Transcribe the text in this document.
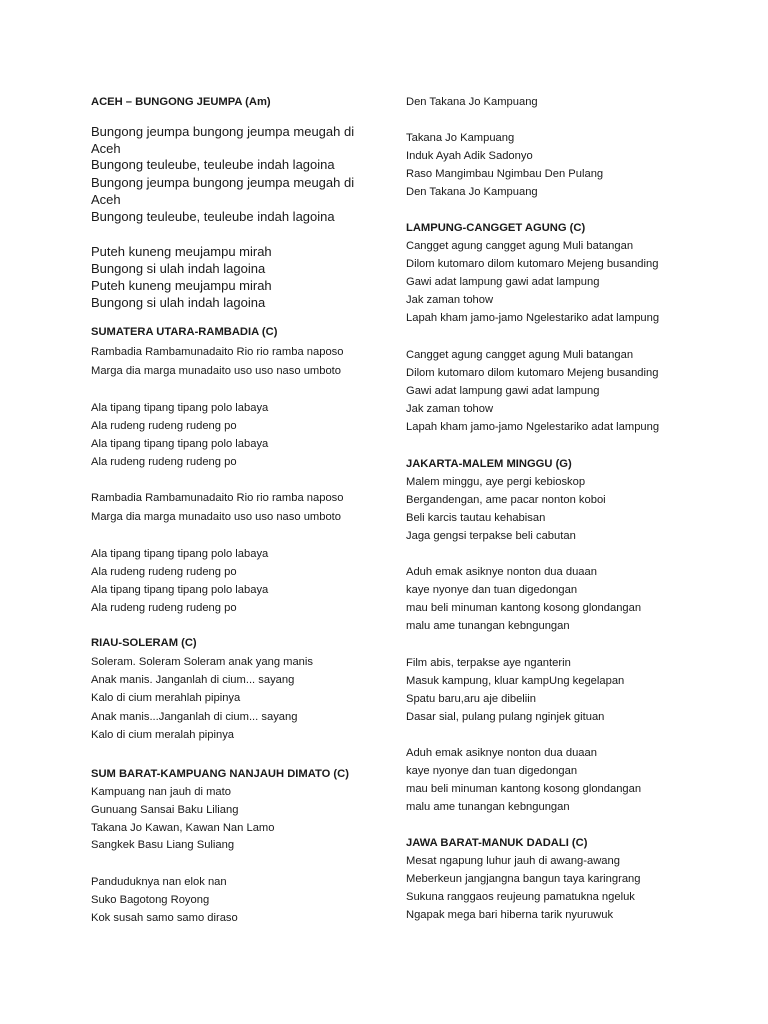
ACEH – BUNGONG JEUMPA (Am)
Bungong jeumpa bungong jeumpa meugah di
Aceh
Bungong teuleube, teuleube indah lagoina
Bungong jeumpa bungong jeumpa meugah di
Aceh
Bungong teuleube, teuleube indah lagoina
Puteh kuneng meujampu mirah
Bungong si ulah indah lagoina
Puteh kuneng meujampu mirah
Bungong si ulah indah lagoina
SUMATERA UTARA-RAMBADIA (C)
Rambadia Rambamunadaito Rio rio ramba naposo
Marga dia marga munadaito uso uso naso umboto
Ala tipang tipang tipang polo labaya
Ala rudeng rudeng rudeng po
Ala tipang tipang tipang polo labaya
Ala rudeng rudeng rudeng po
Rambadia Rambamunadaito Rio rio ramba naposo
Marga dia marga munadaito uso uso naso umboto
Ala tipang tipang tipang polo labaya
Ala rudeng rudeng rudeng po
Ala tipang tipang tipang polo labaya
Ala rudeng rudeng rudeng po
RIAU-SOLERAM (C)
Soleram. Soleram Soleram anak yang manis
Anak manis. Janganlah di cium... sayang
Kalo di cium merahlah pipinya
Anak manis...Janganlah di cium... sayang
Kalo di cium meralah pipinya
SUM BARAT-KAMPUANG NANJAUH DIMATO (C)
Kampuang nan jauh di mato
Gunuang Sansai Baku Liliang
Takana Jo Kawan, Kawan Nan Lamo
Sangkek Basu Liang Suliang
Panduduknya nan elok nan
Suko Bagotong Royong
Kok susah samo samo diraso
Den Takana Jo Kampuang
Takana Jo Kampuang
Induk Ayah Adik Sadonyo
Raso Mangimbau Ngimbau Den Pulang
Den Takana Jo Kampuang
LAMPUNG-CANGGET AGUNG (C)
Cangget agung cangget agung Muli batangan
Dilom kutomaro dilom kutomaro Mejeng busanding
Gawi adat lampung gawi adat lampung
Jak zaman tohow
Lapah kham jamo-jamo Ngelestariko adat lampung
Cangget agung cangget agung Muli batangan
Dilom kutomaro dilom kutomaro Mejeng busanding
Gawi adat lampung gawi adat lampung
Jak zaman tohow
Lapah kham jamo-jamo Ngelestariko adat lampung
JAKARTA-MALEM MINGGU (G)
Malem minggu, aye pergi kebioskop
Bergandengan, ame pacar nonton koboi
Beli karcis tautau kehabisan
Jaga gengsi terpakse beli cabutan
Aduh emak asiknye nonton dua duaan
kaye nyonye dan tuan digedongan
mau beli minuman kantong kosong glondangan
malu ame tunangan kebngungan
Film abis, terpakse aye nganterin
Masuk kampung, kluar kampUng kegelapan
Spatu baru,aru aje dibeliin
Dasar sial, pulang pulang nginjek gituan
Aduh emak asiknye nonton dua duaan
kaye nyonye dan tuan digedongan
mau beli minuman kantong kosong glondangan
malu ame tunangan kebngungan
JAWA BARAT-MANUK DADALI (C)
Mesat ngapung luhur jauh di awang-awang
Meberkeun jangjangna bangun taya karingrang
Sukuna ranggaos reujeung pamatukna ngeluk
Ngapak mega bari hiberna tarik nyuruwuk
